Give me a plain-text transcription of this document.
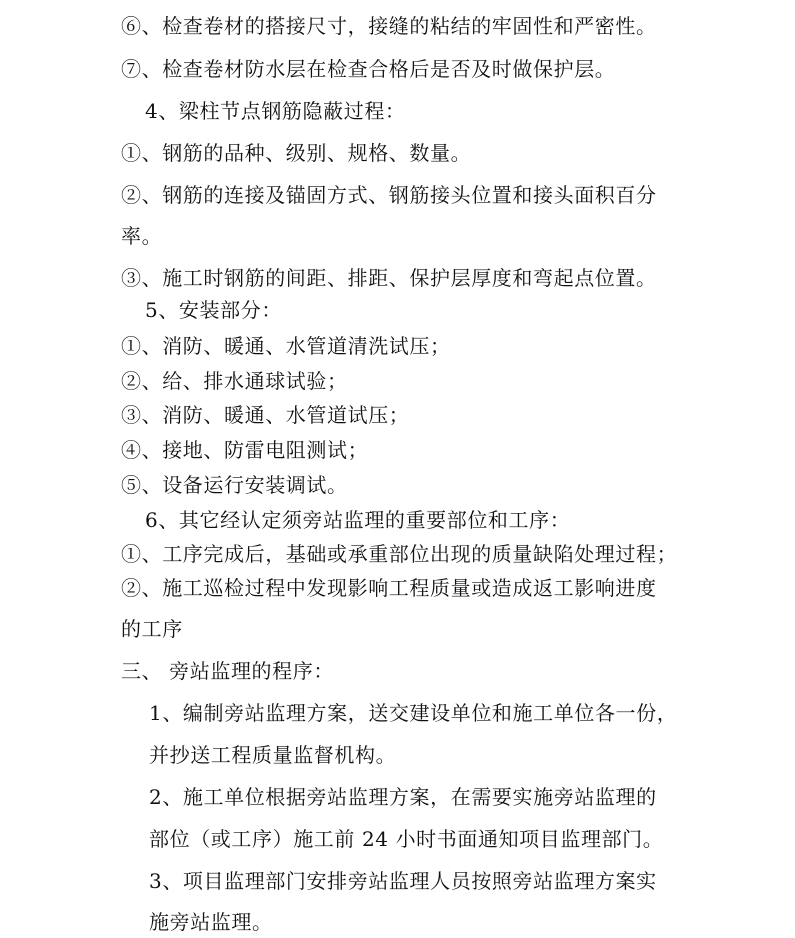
⑥、检查卷材的搭接尺寸，接缝的粘结的牢固性和严密性。
⑦、检查卷材防水层在检查合格后是否及时做保护层。
4、梁柱节点钢筋隐蔽过程：
①、钢筋的品种、级别、规格、数量。
②、钢筋的连接及锚固方式、钢筋接头位置和接头面积百分
率。
③、施工时钢筋的间距、排距、保护层厚度和弯起点位置。
5、安装部分：
①、消防、暖通、水管道清洗试压；
②、给、排水通球试验；
③、消防、暖通、水管道试压；
④、接地、防雷电阻测试；
⑤、设备运行安装调试。
6、其它经认定须旁站监理的重要部位和工序：
①、工序完成后，基础或承重部位出现的质量缺陷处理过程；
②、施工巡检过程中发现影响工程质量或造成返工影响进度
的工序
三、 旁站监理的程序：
1、编制旁站监理方案，送交建设单位和施工单位各一份，
并抄送工程质量监督机构。
2、施工单位根据旁站监理方案，在需要实施旁站监理的
部位（或工序）施工前 24 小时书面通知项目监理部门。
3、项目监理部门安排旁站监理人员按照旁站监理方案实
施旁站监理。
